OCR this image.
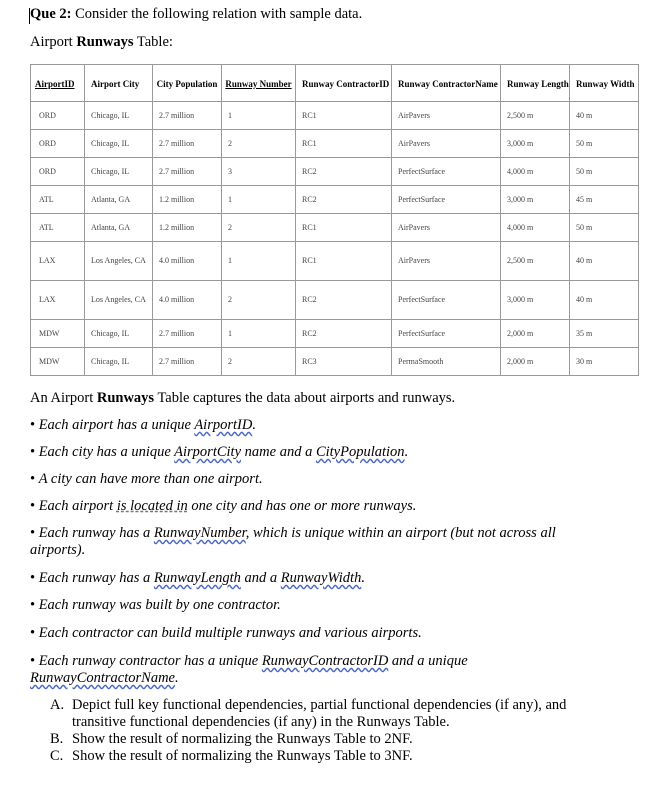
Que 2: Consider the following relation with sample data.
Airport Runways Table:
AirportID	Airport City	City Population	Runway Number	Runway ContractorID	Runway ContractorName	Runway Length	Runway Width
ORD	Chicago, IL	2.7 million	1	RC1	AirPavers	2,500 m	40 m
ORD	Chicago, IL	2.7 million	2	RC1	AirPavers	3,000 m	50 m
ORD	Chicago, IL	2.7 million	3	RC2	PerfectSurface	4,000 m	50 m
ATL	Atlanta, GA	1.2 million	1	RC2	PerfectSurface	3,000 m	45 m
ATL	Atlanta, GA	1.2 million	2	RC1	AirPavers	4,000 m	50 m
LAX	Los Angeles, CA	4.0 million	1	RC1	AirPavers	2,500 m	40 m
LAX	Los Angeles, CA	4.0 million	2	RC2	PerfectSurface	3,000 m	40 m
MDW	Chicago, IL	2.7 million	1	RC2	PerfectSurface	2,000 m	35 m
MDW	Chicago, IL	2.7 million	2	RC3	PermaSmooth	2,000 m	30 m
An Airport Runways Table captures the data about airports and runways.
• Each airport has a unique AirportID.
• Each city has a unique AirportCity name and a CityPopulation.
• A city can have more than one airport.
• Each airport is located in one city and has one or more runways.
• Each runway has a RunwayNumber, which is unique within an airport (but not across all
airports).
• Each runway has a RunwayLength and a RunwayWidth.
• Each runway was built by one contractor.
• Each contractor can build multiple runways and various airports.
• Each runway contractor has a unique RunwayContractorID and a unique
RunwayContractorName.
A. Depict full key functional dependencies, partial functional dependencies (if any), and transitive functional dependencies (if any) in the Runways Table.
B. Show the result of normalizing the Runways Table to 2NF.
C. Show the result of normalizing the Runways Table to 3NF.
